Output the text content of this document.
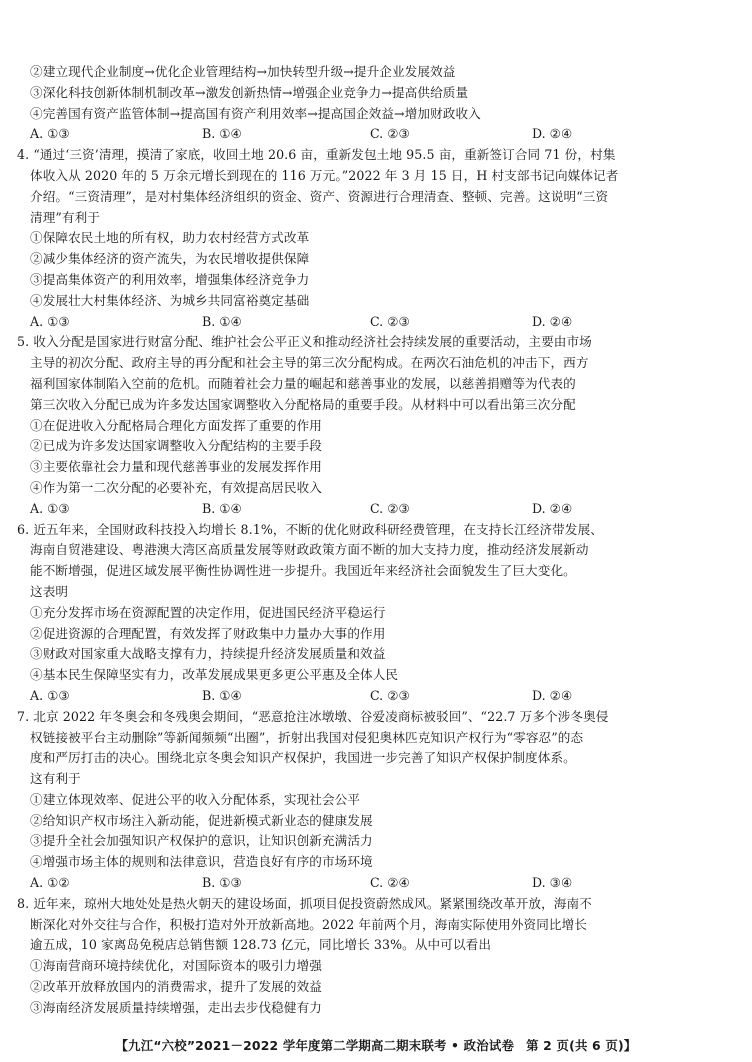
②建立现代企业制度→优化企业管理结构→加快转型升级→提升企业发展效益
③深化科技创新体制机制改革→激发创新热情→增强企业竞争力→提高供给质量
④完善国有资产监管体制→提高国有资产利用效率→提高国企效益→增加财政收入
A. ①③	B. ①④	C. ②③	D. ②④
4. “通过‘三资’清理，摸清了家底，收回土地 20.6 亩，重新发包土地 95.5 亩，重新签订合同 71 份，村集
体收入从 2020 年的 5 万余元增长到现在的 116 万元。”2022 年 3 月 15 日，H 村支部书记向媒体记者
介绍。“三资清理”，是对村集体经济组织的资金、资产、资源进行合理清查、整顿、完善。这说明“三资
清理”有利于
①保障农民土地的所有权，助力农村经营方式改革
②减少集体经济的资产流失，为农民增收提供保障
③提高集体资产的利用效率，增强集体经济竞争力
④发展壮大村集体经济、为城乡共同富裕奠定基础
A. ①③	B. ①④	C. ②③	D. ②④
5. 收入分配是国家进行财富分配、维护社会公平正义和推动经济社会持续发展的重要活动，主要由市场
主导的初次分配、政府主导的再分配和社会主导的第三次分配构成。在两次石油危机的冲击下，西方
福利国家体制陷入空前的危机。而随着社会力量的崛起和慈善事业的发展，以慈善捐赠等为代表的
第三次收入分配已成为许多发达国家调整收入分配格局的重要手段。从材料中可以看出第三次分配
①在促进收入分配格局合理化方面发挥了重要的作用
②已成为许多发达国家调整收入分配结构的主要手段
③主要依靠社会力量和现代慈善事业的发展发挥作用
④作为第一二次分配的必要补充，有效提高居民收入
A. ①③	B. ①④	C. ②③	D. ②④
6. 近五年来，全国财政科技投入均增长 8.1%，不断的优化财政科研经费管理，在支持长江经济带发展、
海南自贸港建设、粤港澳大湾区高质量发展等财政政策方面不断的加大支持力度，推动经济发展新动
能不断增强，促进区域发展平衡性协调性进一步提升。我国近年来经济社会面貌发生了巨大变化。
这表明
①充分发挥市场在资源配置的决定作用，促进国民经济平稳运行
②促进资源的合理配置，有效发挥了财政集中力量办大事的作用
③财政对国家重大战略支撑有力，持续提升经济发展质量和效益
④基本民生保障坚实有力，改革发展成果更多更公平惠及全体人民
A. ①③	B. ①④	C. ②③	D. ②④
7. 北京 2022 年冬奥会和冬残奥会期间，“恶意抢注冰墩墩、谷爱凌商标被驳回”、“22.7 万多个涉冬奥侵
权链接被平台主动删除”等新闻频频“出圈”，折射出我国对侵犯奥林匹克知识产权行为“零容忍”的态
度和严厉打击的决心。围绕北京冬奥会知识产权保护，我国进一步完善了知识产权保护制度体系。
这有利于
①建立体现效率、促进公平的收入分配体系，实现社会公平
②给知识产权市场注入新动能，促进新模式新业态的健康发展
③提升全社会加强知识产权保护的意识，让知识创新充满活力
④增强市场主体的规则和法律意识，营造良好有序的市场环境
A. ①②	B. ①③	C. ②④	D. ③④
8. 近年来，琼州大地处处是热火朝天的建设场面，抓项目促投资蔚然成风。紧紧围绕改革开放，海南不
断深化对外交往与合作，积极打造对外开放新高地。2022 年前两个月，海南实际使用外资同比增长
逾五成，10 家离岛免税店总销售额 128.73 亿元，同比增长 33%。从中可以看出
①海南营商环境持续优化，对国际资本的吸引力增强
②改革开放释放国内的消费需求，提升了发展的效益
③海南经济发展质量持续增强，走出去步伐稳健有力
【九江“六校”2021－2022 学年度第二学期高二期末联考 • 政治试卷 第 2 页(共 6 页)】
